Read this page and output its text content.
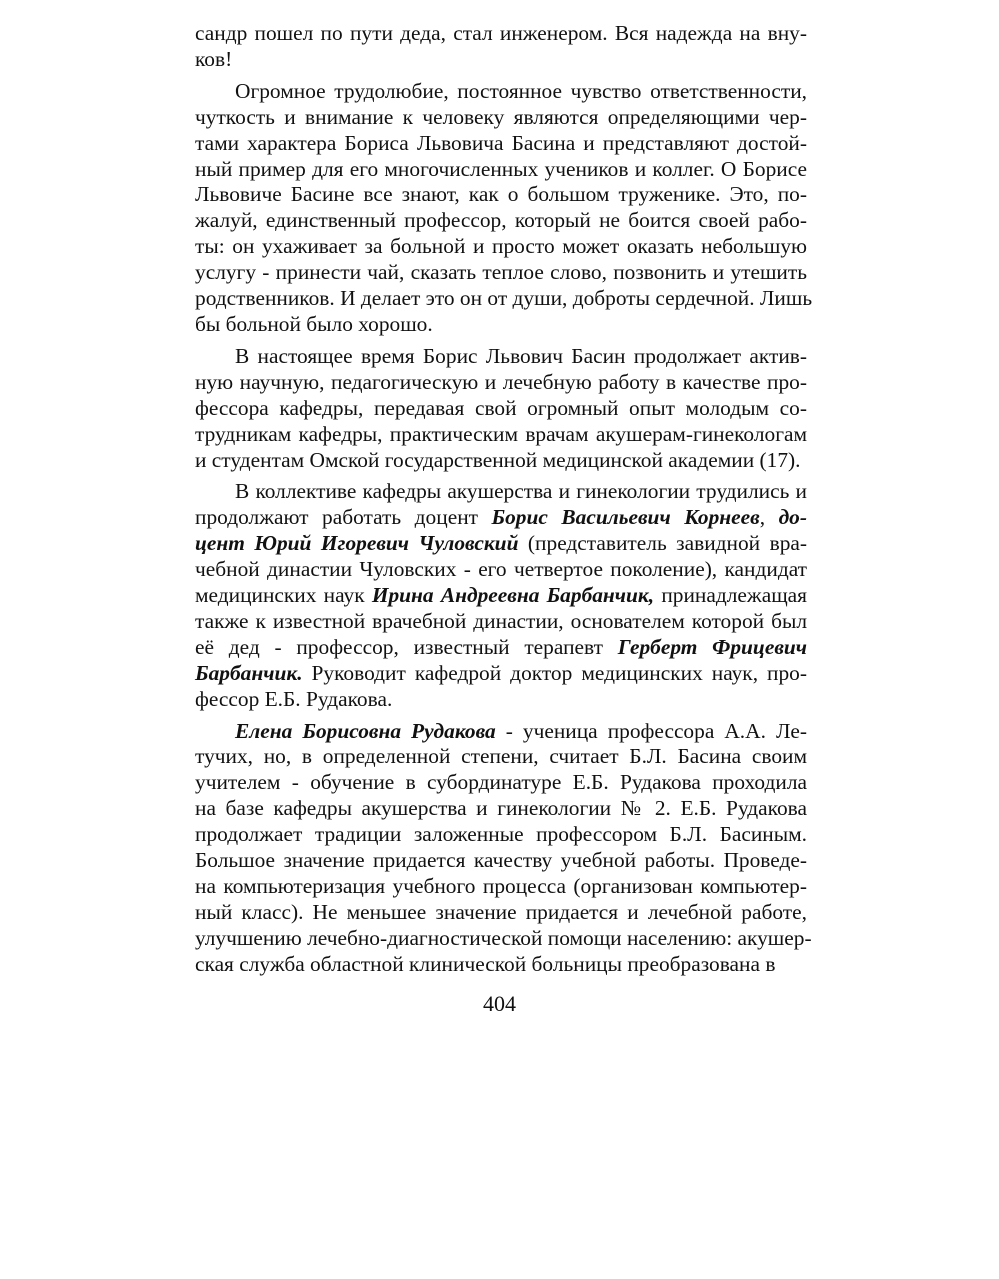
сандр пошел по пути деда, стал инженером. Вся надежда на вну-
ков!

Огромное трудолюбие, постоянное чувство ответственности,
чуткость и внимание к человеку являются определяющими чер-
тами характера Бориса Львовича Басина и представляют достой-
ный пример для его многочисленных учеников и коллег. О Борисе
Львовиче Басине все знают, как о большом труженике. Это, по-
жалуй, единственный профессор, который не боится своей рабо-
ты: он ухаживает за больной и просто может оказать небольшую
услугу - принести чай, сказать теплое слово, позвонить и утешить
родственников. И делает это он от души, доброты сердечной. Лишь
бы больной было хорошо.

В настоящее время Борис Львович Басин продолжает актив-
ную научную, педагогическую и лечебную работу в качестве про-
фессора кафедры, передавая свой огромный опыт молодым со-
трудникам кафедры, практическим врачам акушерам-гинекологам
и студентам Омской государственной медицинской академии (17).

В коллективе кафедры акушерства и гинекологии трудились и
продолжают работать доцент Борис Васильевич Корнеев, до-
цент Юрий Игоревич Чуловский (представитель завидной вра-
чебной династии Чуловских - его четвертое поколение), кандидат
медицинских наук Ирина Андреевна Барбанчик, принадлежащая
также к известной врачебной династии, основателем которой был
её дед - профессор, известный терапевт Герберт Фрицевич
Барбанчик. Руководит кафедрой доктор медицинских наук, про-
фессор Е.Б. Рудакова.

Елена Борисовна Рудакова - ученица профессора А.А. Ле-
тучих, но, в определенной степени, считает Б.Л. Басина своим
учителем - обучение в субординатуре Е.Б. Рудакова проходила
на базе кафедры акушерства и гинекологии № 2. Е.Б. Рудакова
продолжает традиции заложенные профессором Б.Л. Басиным.
Большое значение придается качеству учебной работы. Проведе-
на компьютеризация учебного процесса (организован компьютер-
ный класс). Не меньшее значение придается и лечебной работе,
улучшению лечебно-диагностической помощи населению: акушер-
ская служба областной клинической больницы преобразована в

404
